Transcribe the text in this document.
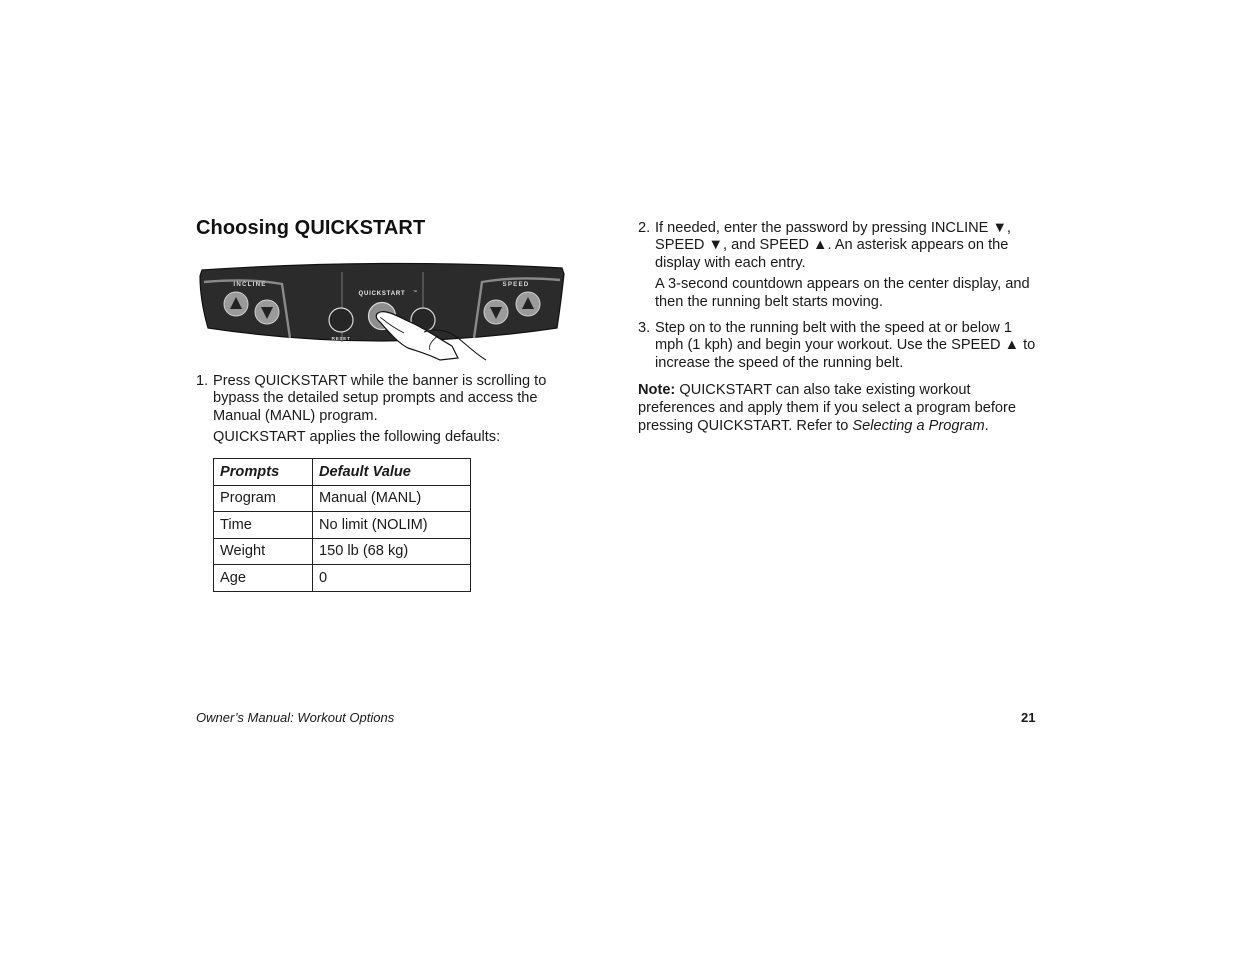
Choosing QUICKSTART
INCLINE	SPEED
QUICKSTART ™
RESET
1. Press QUICKSTART while the banner is scrolling to bypass the detailed setup prompts and access the Manual (MANL) program.

QUICKSTART applies the following defaults:

Prompts	Default Value
Program	Manual (MANL)
Time	No limit (NOLIM)
Weight	150 lb (68 kg)
Age	0
2. If needed, enter the password by pressing INCLINE ▼, SPEED ▼, and SPEED ▲. An asterisk appears on the display with each entry.

A 3-second countdown appears on the center display, and then the running belt starts moving.

3. Step on to the running belt with the speed at or below 1 mph (1 kph) and begin your workout. Use the SPEED ▲ to increase the speed of the running belt.

Note: QUICKSTART can also take existing workout preferences and apply them if you select a program before pressing QUICKSTART. Refer to Selecting a Program.
Owner’s Manual: Workout Options	21
